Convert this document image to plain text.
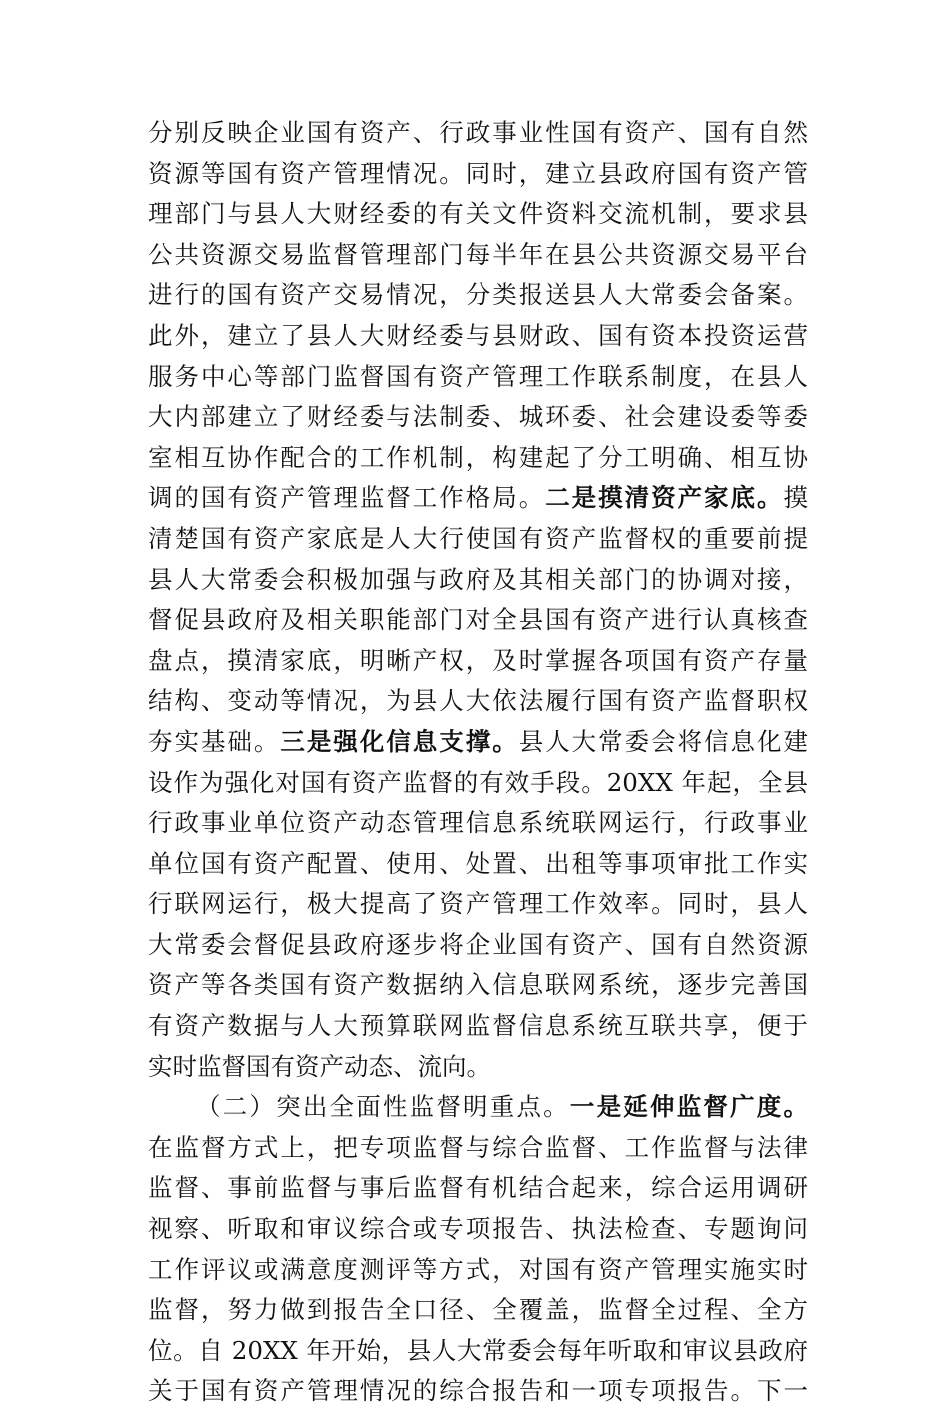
分别反映企业国有资产、行政事业性国有资产、国有自然
资源等国有资产管理情况。同时，建立县政府国有资产管
理部门与县人大财经委的有关文件资料交流机制，要求县
公共资源交易监督管理部门每半年在县公共资源交易平台
进行的国有资产交易情况，分类报送县人大常委会备案。
此外，建立了县人大财经委与县财政、国有资本投资运营
服务中心等部门监督国有资产管理工作联系制度，在县人
大内部建立了财经委与法制委、城环委、社会建设委等委
室相互协作配合的工作机制，构建起了分工明确、相互协
调的国有资产管理监督工作格局。二是摸清资产家底。摸
清楚国有资产家底是人大行使国有资产监督权的重要前提
县人大常委会积极加强与政府及其相关部门的协调对接，
督促县政府及相关职能部门对全县国有资产进行认真核查
盘点，摸清家底，明晰产权，及时掌握各项国有资产存量
结构、变动等情况，为县人大依法履行国有资产监督职权
夯实基础。三是强化信息支撑。县人大常委会将信息化建
设作为强化对国有资产监督的有效手段。20XX 年起，全县
行政事业单位资产动态管理信息系统联网运行，行政事业
单位国有资产配置、使用、处置、出租等事项审批工作实
行联网运行，极大提高了资产管理工作效率。同时，县人
大常委会督促县政府逐步将企业国有资产、国有自然资源
资产等各类国有资产数据纳入信息联网系统，逐步完善国
有资产数据与人大预算联网监督信息系统互联共享，便于
实时监督国有资产动态、流向。
（二）突出全面性监督明重点。一是延伸监督广度。
在监督方式上，把专项监督与综合监督、工作监督与法律
监督、事前监督与事后监督有机结合起来，综合运用调研
视察、听取和审议综合或专项报告、执法检查、专题询问
工作评议或满意度测评等方式，对国有资产管理实施实时
监督，努力做到报告全口径、全覆盖，监督全过程、全方
位。自 20XX 年开始，县人大常委会每年听取和审议县政府
关于国有资产管理情况的综合报告和一项专项报告。下一
